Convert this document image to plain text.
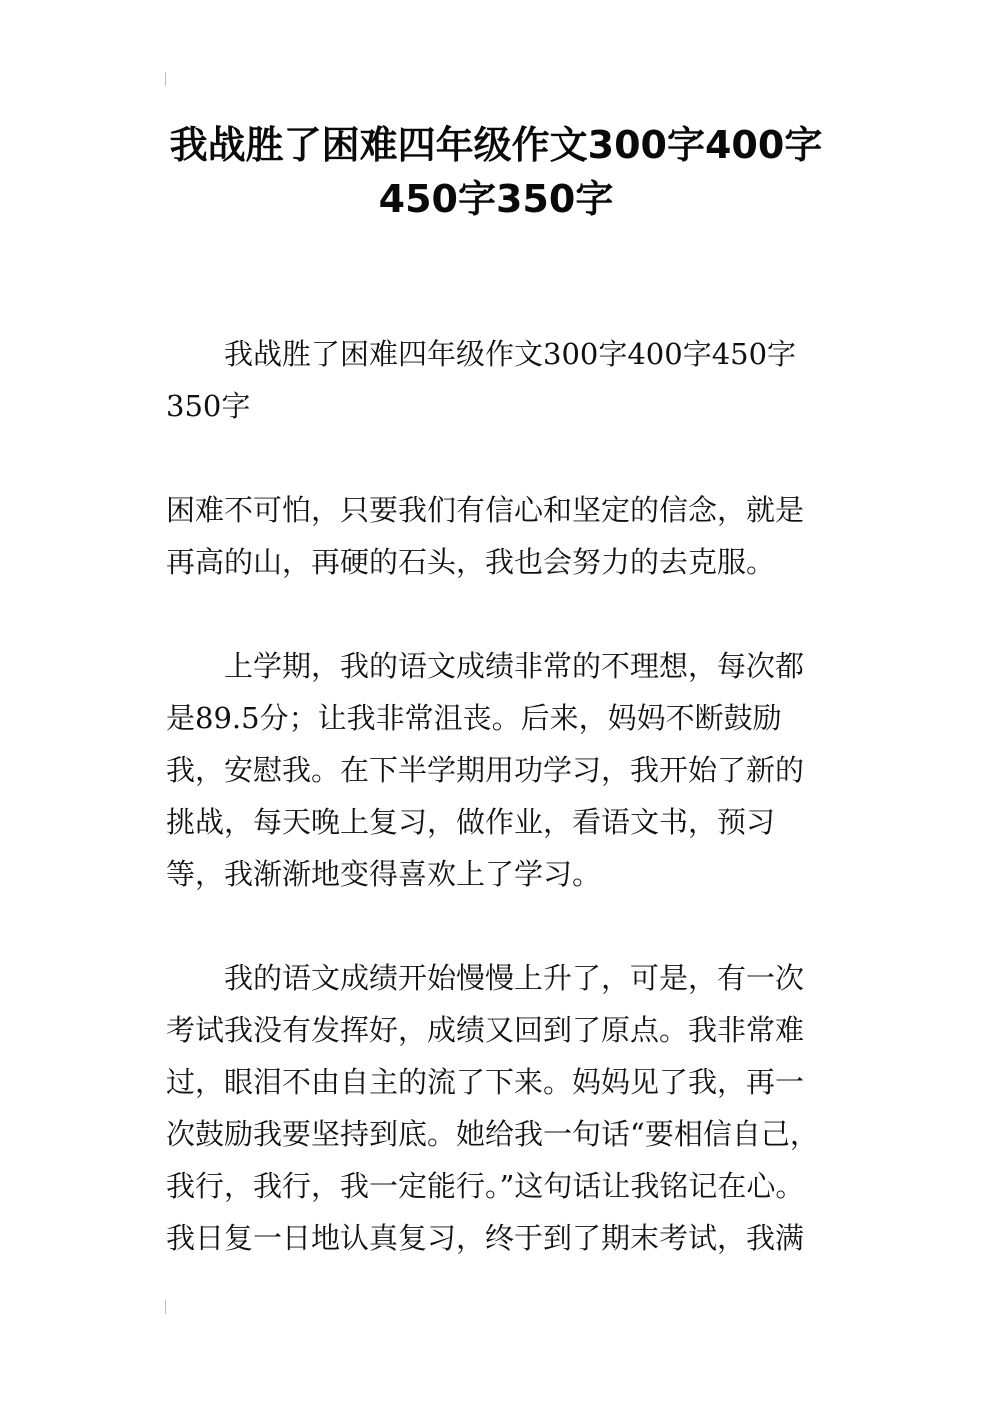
我战胜了困难四年级作文300字400字450字350字

我战胜了困难四年级作文300字400字450字350字

困难不可怕，只要我们有信心和坚定的信念，就是再高的山，再硬的石头，我也会努力的去克服。

上学期，我的语文成绩非常的不理想，每次都是89.5分；让我非常沮丧。后来，妈妈不断鼓励我，安慰我。在下半学期用功学习，我开始了新的挑战，每天晚上复习，做作业，看语文书，预习等，我渐渐地变得喜欢上了学习。

我的语文成绩开始慢慢上升了，可是，有一次考试我没有发挥好，成绩又回到了原点。我非常难过，眼泪不由自主的流了下来。妈妈见了我，再一次鼓励我要坚持到底。她给我一句话“要相信自己，我行，我行，我一定能行。”这句话让我铭记在心。我日复一日地认真复习，终于到了期末考试，我满
